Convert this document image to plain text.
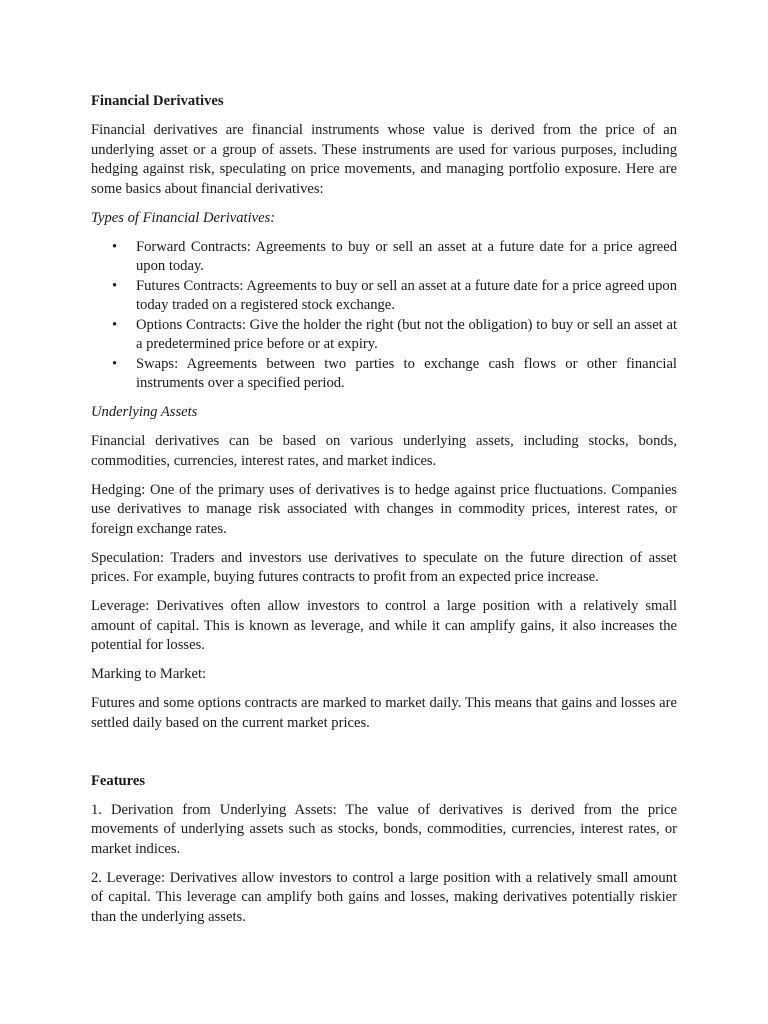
Financial Derivatives

Financial derivatives are financial instruments whose value is derived from the price of an underlying asset or a group of assets. These instruments are used for various purposes, including hedging against risk, speculating on price movements, and managing portfolio exposure. Here are some basics about financial derivatives:

Types of Financial Derivatives:

• Forward Contracts: Agreements to buy or sell an asset at a future date for a price agreed upon today.
• Futures Contracts: Agreements to buy or sell an asset at a future date for a price agreed upon today traded on a registered stock exchange.
• Options Contracts: Give the holder the right (but not the obligation) to buy or sell an asset at a predetermined price before or at expiry.
• Swaps: Agreements between two parties to exchange cash flows or other financial instruments over a specified period.

Underlying Assets

Financial derivatives can be based on various underlying assets, including stocks, bonds, commodities, currencies, interest rates, and market indices.

Hedging: One of the primary uses of derivatives is to hedge against price fluctuations. Companies use derivatives to manage risk associated with changes in commodity prices, interest rates, or foreign exchange rates.

Speculation: Traders and investors use derivatives to speculate on the future direction of asset prices. For example, buying futures contracts to profit from an expected price increase.

Leverage: Derivatives often allow investors to control a large position with a relatively small amount of capital. This is known as leverage, and while it can amplify gains, it also increases the potential for losses.

Marking to Market:

Futures and some options contracts are marked to market daily. This means that gains and losses are settled daily based on the current market prices.

Features

1. Derivation from Underlying Assets: The value of derivatives is derived from the price movements of underlying assets such as stocks, bonds, commodities, currencies, interest rates, or market indices.

2. Leverage: Derivatives allow investors to control a large position with a relatively small amount of capital. This leverage can amplify both gains and losses, making derivatives potentially riskier than the underlying assets.
